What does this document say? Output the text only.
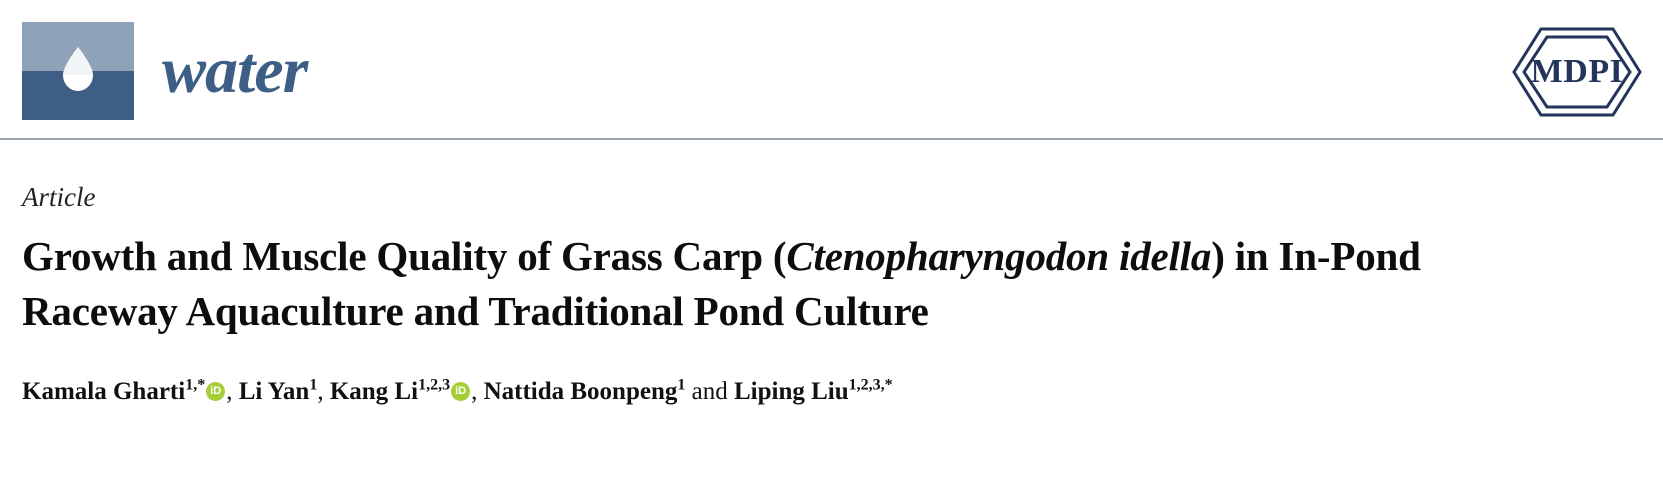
water	MDPI
Article
Growth and Muscle Quality of Grass Carp (Ctenopharyngodon idella) in In-Pond Raceway Aquaculture and Traditional Pond Culture
Kamala Gharti$^{1,*}$ iD , Li Yan$^1$, Kang Li$^{1,2,3}$ iD , Nattida Boonpeng$^1$ and Liping Liu$^{1,2,3,*}$
